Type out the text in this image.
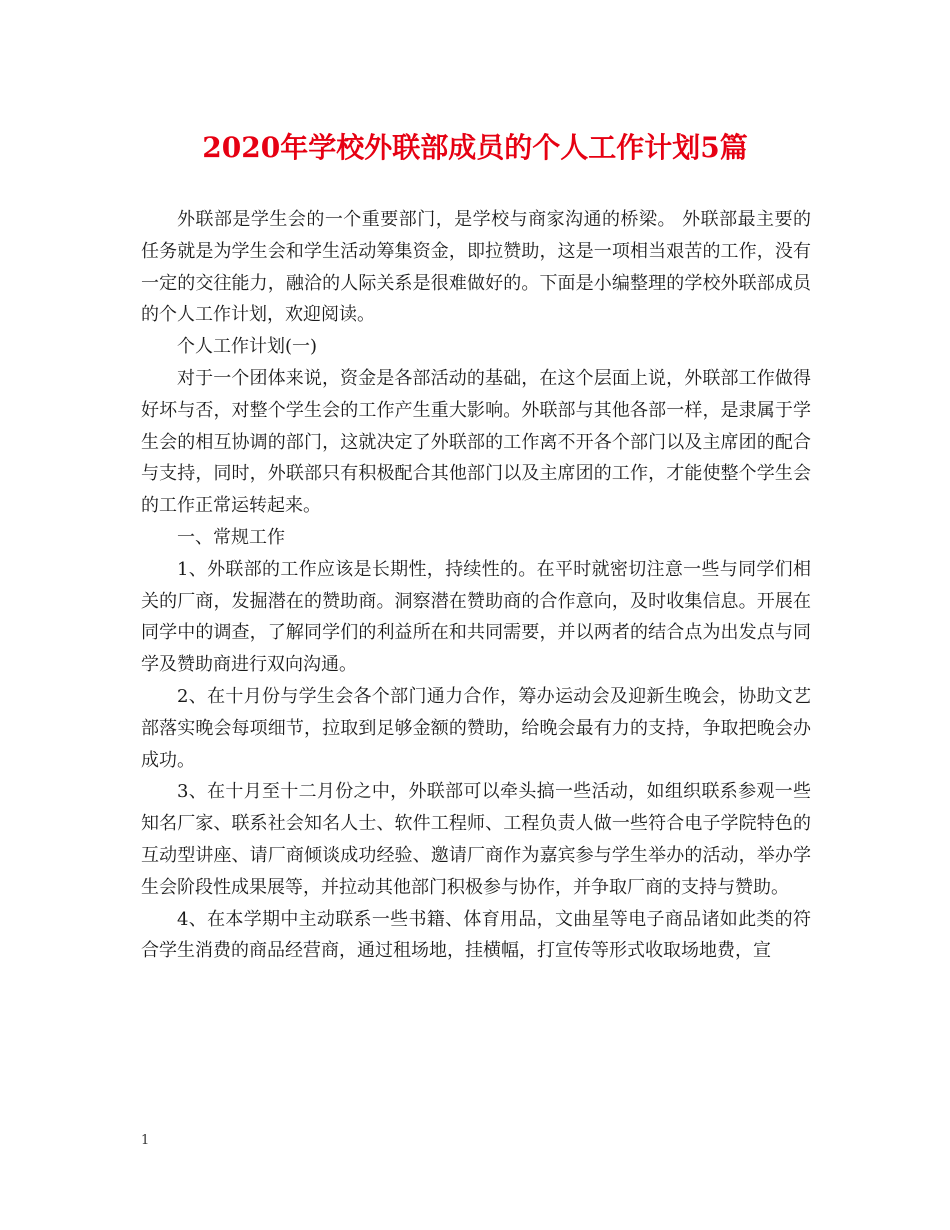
2020年学校外联部成员的个人工作计划5篇

外联部是学生会的一个重要部门，是学校与商家沟通的桥梁。 外联部最主要的任务就是为学生会和学生活动筹集资金，即拉赞助，这是一项相当艰苦的工作，没有一定的交往能力，融洽的人际关系是很难做好的。下面是小编整理的学校外联部成员的个人工作计划，欢迎阅读。

个人工作计划(一)

对于一个团体来说，资金是各部活动的基础，在这个层面上说，外联部工作做得好坏与否，对整个学生会的工作产生重大影响。外联部与其他各部一样，是隶属于学生会的相互协调的部门，这就决定了外联部的工作离不开各个部门以及主席团的配合与支持，同时，外联部只有积极配合其他部门以及主席团的工作，才能使整个学生会的工作正常运转起来。

一、常规工作

1、外联部的工作应该是长期性，持续性的。在平时就密切注意一些与同学们相关的厂商，发掘潜在的赞助商。洞察潜在赞助商的合作意向，及时收集信息。开展在同学中的调查，了解同学们的利益所在和共同需要，并以两者的结合点为出发点与同学及赞助商进行双向沟通。

2、在十月份与学生会各个部门通力合作，筹办运动会及迎新生晚会，协助文艺部落实晚会每项细节，拉取到足够金额的赞助，给晚会最有力的支持，争取把晚会办成功。

3、在十月至十二月份之中，外联部可以牵头搞一些活动，如组织联系参观一些知名厂家、联系社会知名人士、软件工程师、工程负责人做一些符合电子学院特色的互动型讲座、请厂商倾谈成功经验、邀请厂商作为嘉宾参与学生举办的活动，举办学生会阶段性成果展等，并拉动其他部门积极参与协作，并争取厂商的支持与赞助。

4、在本学期中主动联系一些书籍、体育用品，文曲星等电子商品诸如此类的符合学生消费的商品经营商，通过租场地，挂横幅，打宣传等形式收取场地费，宣

1
